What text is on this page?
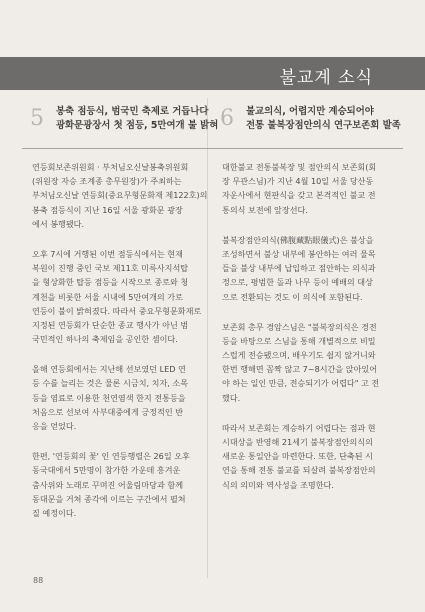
불교계 소식
5 봉축 점등식, 범국민 축제로 거듭나다
광화문광장서 첫 점등, 5만여개 불 밝혀
연등회보존위원회 · 부처님오신날봉축위원회
(위원장 자승 조계종 총무원장)가 주최하는
부처님오신날 연등회(중요무형문화재 제122호)의
봉축 점등식이 지난 16일 서울 광화문 광장
에서 봉행됐다.
오후 7시에 거행된 이번 점등식에서는 현재
복원이 진행 중인 국보 제11호 미륵사지석탑
을 형상화한 탑등 점등을 시작으로 종로와 청
계천을 비롯한 서울 시내에 5만여개의 가로
연등이 불이 밝혀졌다. 따라서 중요무형문화재로
지정된 연등회가 단순한 종교 행사가 아닌 범
국민적인 하나의 축제임을 공인한 셈이다.
올해 연등회에서는 지난해 선보였던 LED 연
등 수를 늘리는 것은 물론 시금치, 치자, 소목
등을 염료로 이용한 천연염색 한지 전통등을
처음으로 선보여 사부대중에게 긍정적인 반
응을 얻었다.
한편, '연등회의 꽃' 인 연등행렬은 26일 오후
동국대에서 5만명이 참가한 가운데 흥겨운
춤사위와 노래로 꾸며진 어울림마당과 함께
동대문을 거쳐 종각에 이르는 구간에서 펼쳐
질 예정이다.
6 불교의식, 어렵지만 계승되어야
전통 불복장점안의식 연구보존회 발족
대한불교 전통불복장 및 점안의식 보존회(회
장 무관스님)가 지난 4월 10일 서울 당산동
자운사에서 현판식을 갖고 본격적인 불교 전
통의식 보전에 앞장선다.
불복장점안의식(佛腹藏點眼儀式)은 불상을
조성하면서 불상 내부에 봉안하는 여러 물목
들을 불상 내부에 납입하고 점안하는 의식과
정으로, 평범한 돌과 나무 등이 예배의 대상
으로 전환되는 것도 이 의식에 포함된다.
보존회 총무 경암스님은 "불복장의식은 경전
등을 바탕으로 스님을 통해 개별적으로 비밀
스럽게 전승됐으며, 배우기도 쉽지 않거니와
한번 행해면 꼼짝 않고 7~8시간을 앉아있어
야 하는 일인 만큼, 전승되기가 어렵다" 고 전
했다.
따라서 보존회는 계승하기 어렵다는 점과 현
시대상을 반영해 21세기 불복장점안의식의
새로운 통일안을 마련한다. 또한, 단축된 시
연을 통해 전통 불교를 되살려 불복장점안의
식의 의미와 역사성을 조명한다.
88
